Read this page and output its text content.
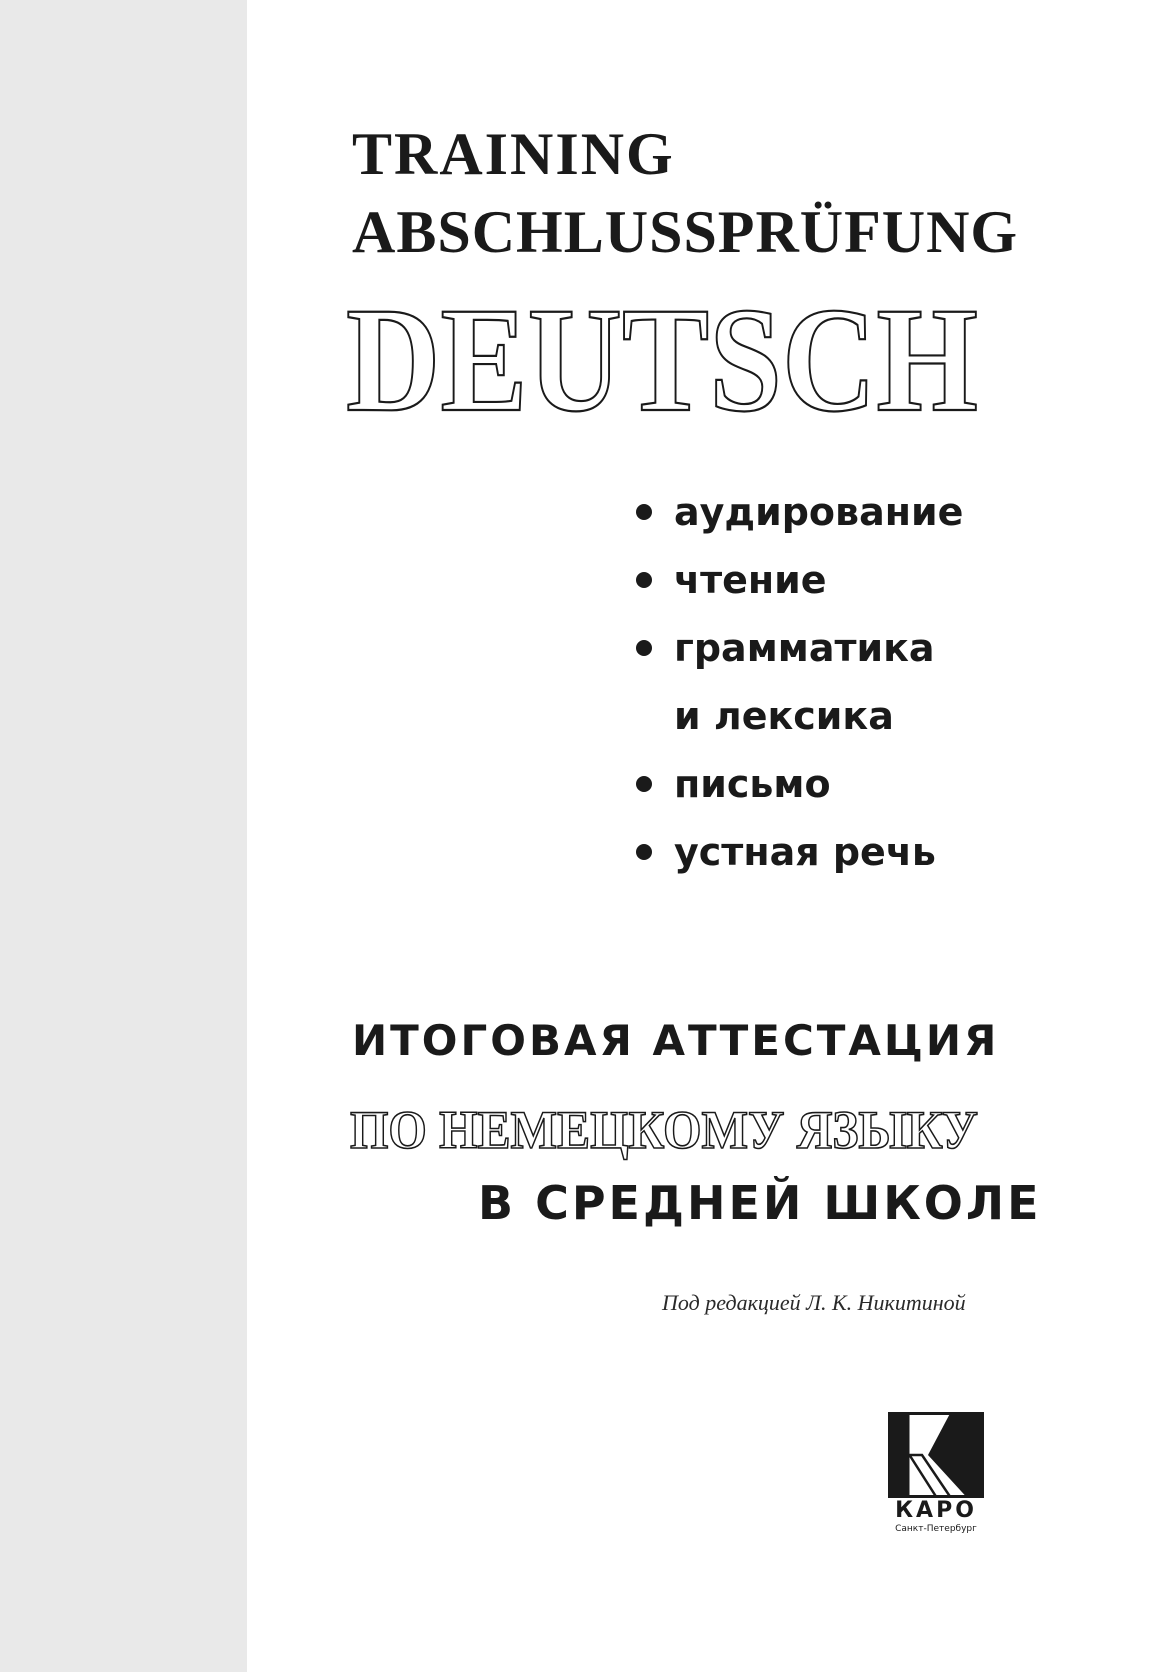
TRAINING
ABSCHLUSSPRÜFUNG
DEUTSCH
аудирование
чтение
грамматика
и лексика
письмо
устная речь
ИТОГОВАЯ АТТЕСТАЦИЯ
ПО НЕМЕЦКОМУ ЯЗЫКУ
В СРЕДНЕЙ ШКОЛЕ
Под редакцией Л. К. Никитиной
КАРО
Санкт-Петербург
